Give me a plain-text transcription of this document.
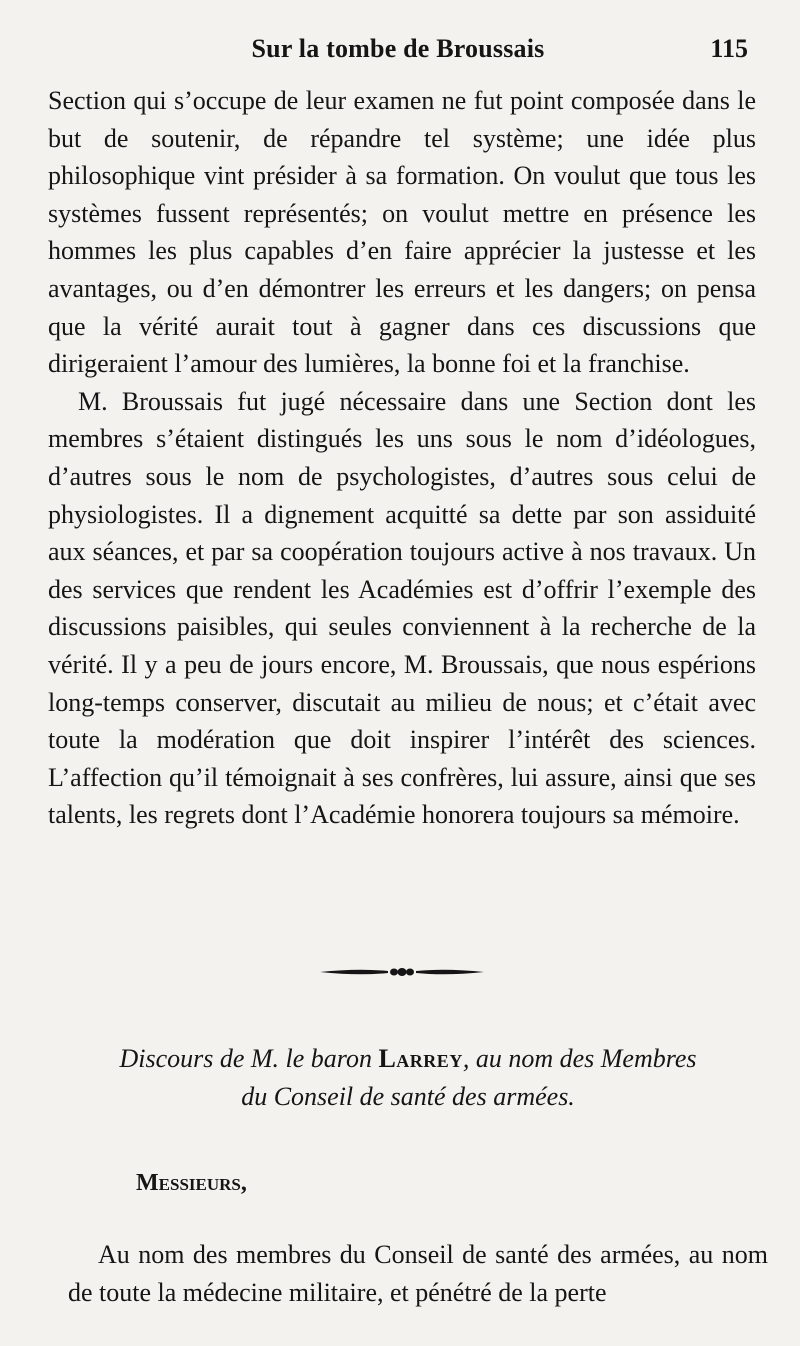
Sur la tombe de Broussais	115

Section qui s’occupe de leur examen ne fut point composée dans le but de soutenir, de répandre tel système; une idée plus philosophique vint présider à sa formation. On voulut que tous les systèmes fussent représentés; on voulut mettre en présence les hommes les plus capables d’en faire apprécier la justesse et les avantages, ou d’en démontrer les erreurs et les dangers; on pensa que la vérité aurait tout à gagner dans ces discussions que dirigeraient l’amour des lumières, la bonne foi et la franchise.

M. Broussais fut jugé nécessaire dans une Section dont les membres s’étaient distingués les uns sous le nom d’idéologues, d’autres sous le nom de psychologistes, d’autres sous celui de physiologistes. Il a dignement acquitté sa dette par son assiduité aux séances, et par sa coopération toujours active à nos travaux. Un des services que rendent les Académies est d’offrir l’exemple des discussions paisibles, qui seules conviennent à la recherche de la vérité. Il y a peu de jours encore, M. Broussais, que nous espérions long-temps conserver, discutait au milieu de nous; et c’était avec toute la modération que doit inspirer l’intérêt des sciences. L’affection qu’il témoignait à ses confrères, lui assure, ainsi que ses talents, les regrets dont l’Académie honorera toujours sa mémoire.

Discours de M. le baron Larrey, au nom des Membres
du Conseil de santé des armées.

Messieurs,

Au nom des membres du Conseil de santé des armées, au nom de toute la médecine militaire, et pénétré de la perte
